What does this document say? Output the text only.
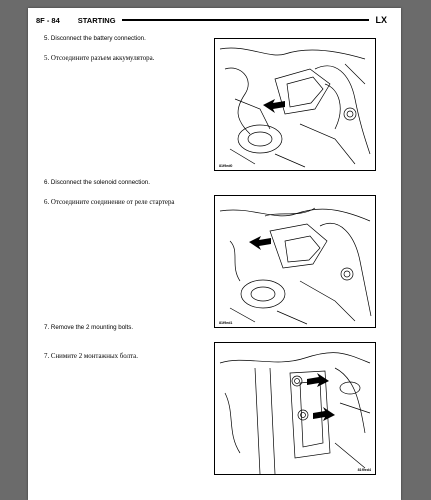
8F - 84 STARTING	LX
5. Disconnect the battery connection.
5. Отсоедините разъем аккумулятора.
81f9ed0
6. Disconnect the solenoid connection.
6. Отсоедините соединение от реле стартера
81f9ed1
7. Remove the 2 mounting bolts.
7. Снимите 2 монтажных болта.
81f9ed4
